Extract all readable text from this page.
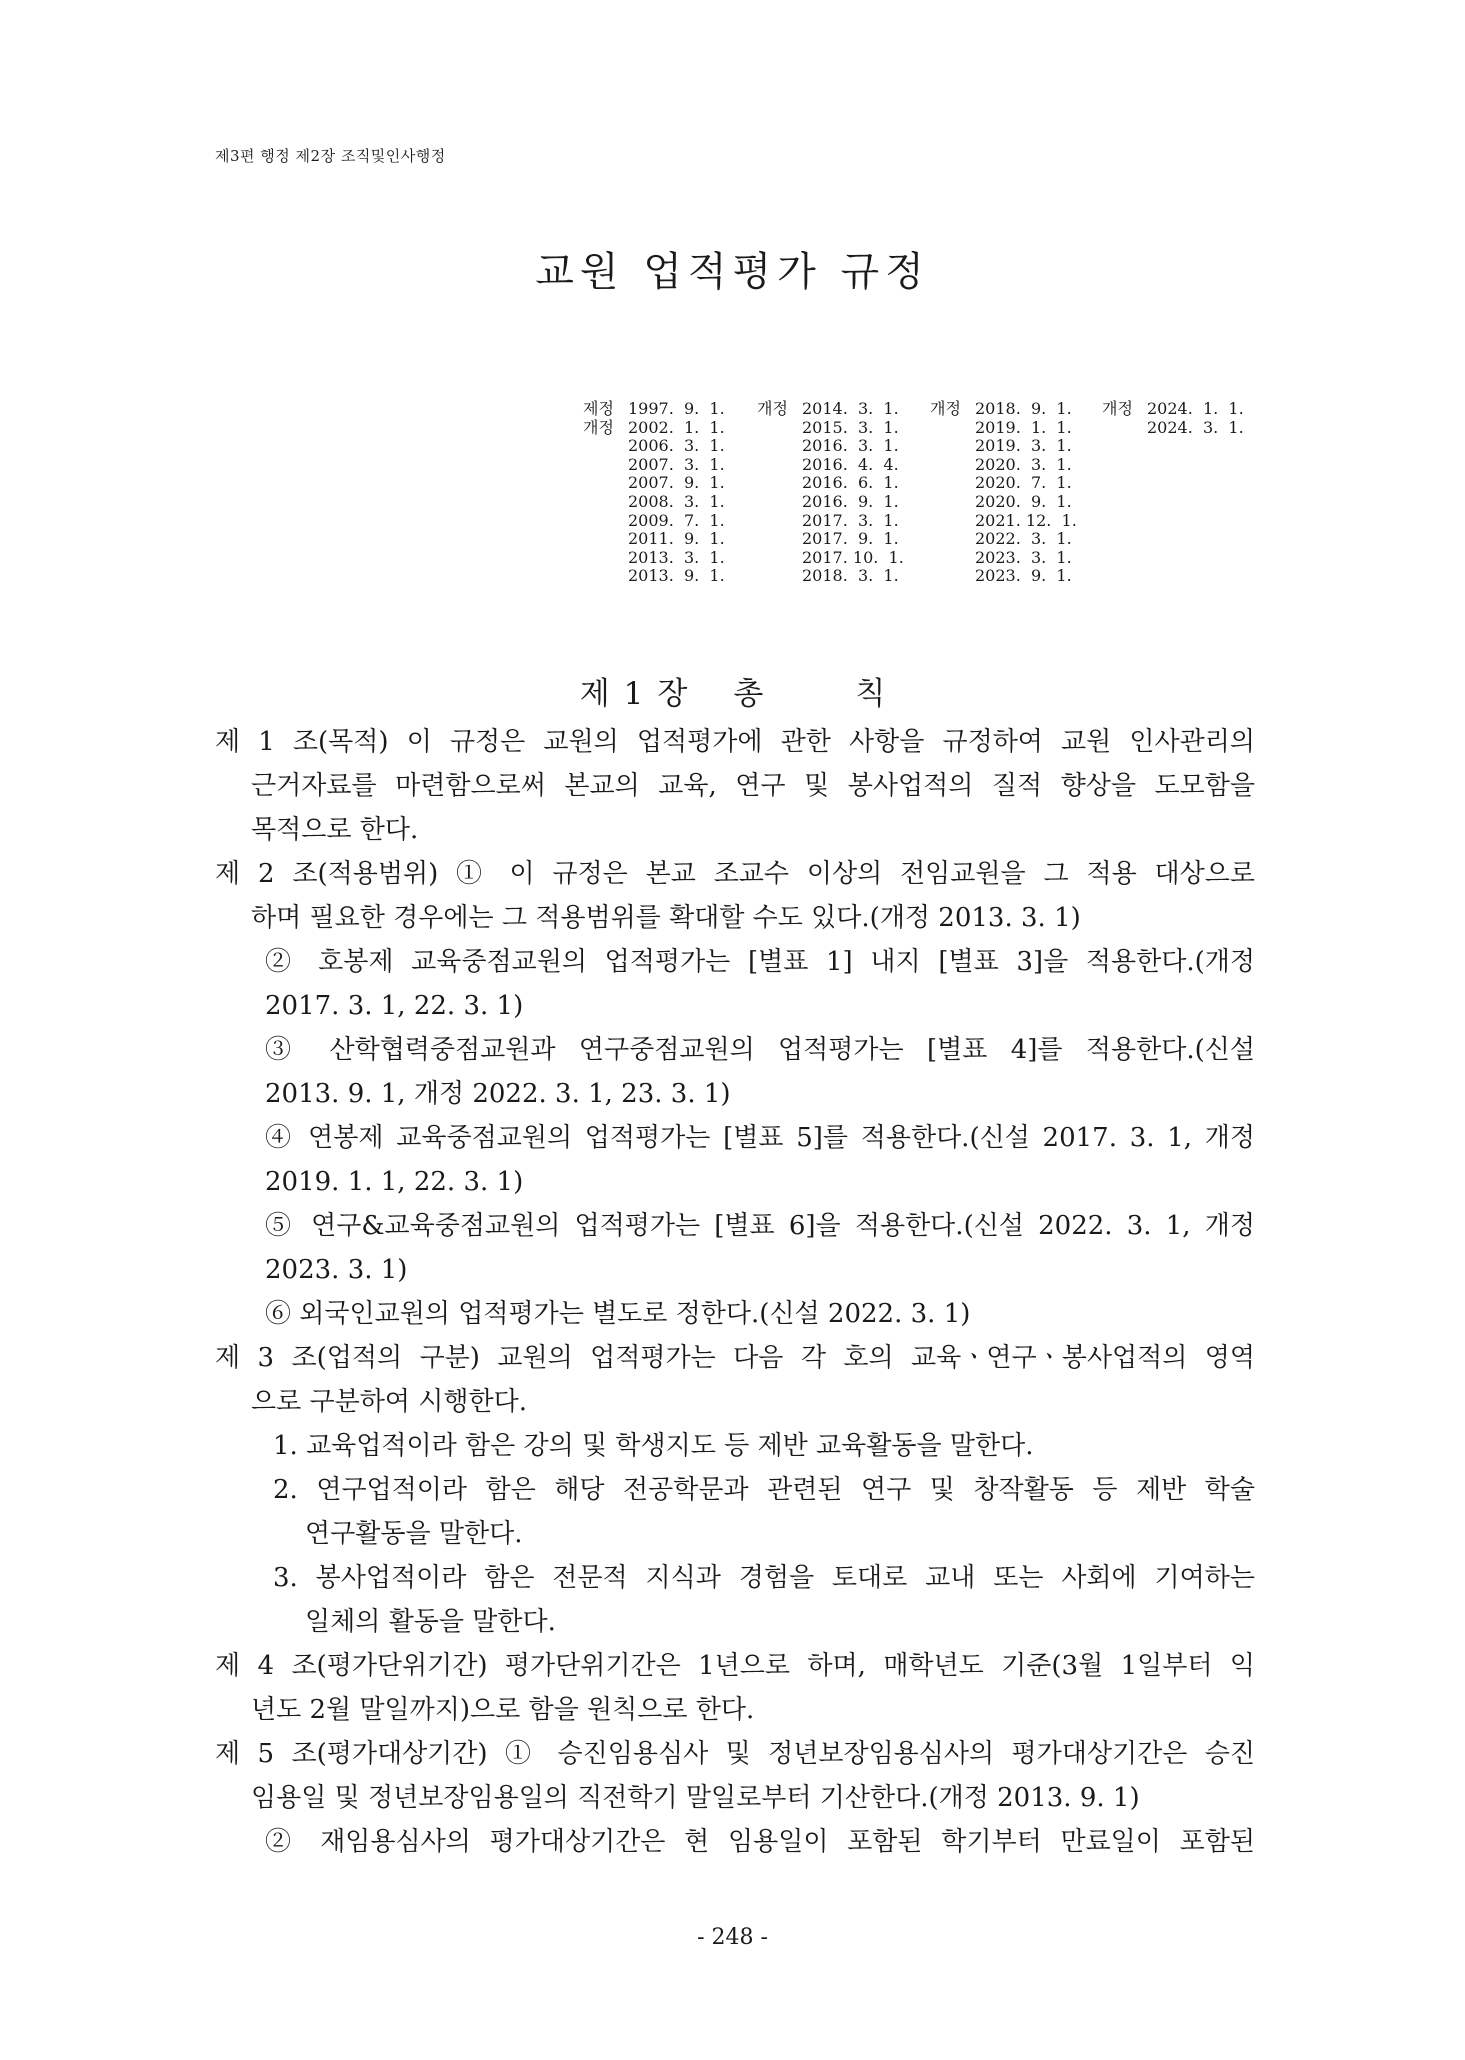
제3편 행정 제2장 조직및인사행정
교원 업적평가 규정
제정
개정
1997.  9.  1.
2002.  1.  1.
2006.  3.  1.
2007.  3.  1.
2007.  9.  1.
2008.  3.  1.
2009.  7.  1.
2011.  9.  1.
2013.  3.  1.
2013.  9.  1.
개정 2014.  3.  1.
2015.  3.  1.
2016.  3.  1.
2016.  4.  4.
2016.  6.  1.
2016.  9.  1.
2017.  3.  1.
2017.  9.  1.
2017. 10.  1.
2018.  3.  1.
개정 2018.  9.  1.
2019.  1.  1.
2019.  3.  1.
2020.  3.  1.
2020.  7.  1.
2020.  9.  1.
2021. 12.  1.
2022.  3.  1.
2023.  3.  1.
2023.  9.  1.
개정 2024.  1.  1.
2024.  3.  1.
제 1 장 총	칙
제 1 조(목적) 이 규정은 교원의 업적평가에 관한 사항을 규정하여 교원 인사관리의
근거자료를 마련함으로써 본교의 교육, 연구 및 봉사업적의 질적 향상을 도모함을
목적으로 한다.
제 2 조(적용범위) ① 이 규정은 본교 조교수 이상의 전임교원을 그 적용 대상으로
하며 필요한 경우에는 그 적용범위를 확대할 수도 있다.(개정 2013. 3. 1)
② 호봉제 교육중점교원의 업적평가는 [별표 1] 내지 [별표 3]을 적용한다.(개정
2017. 3. 1, 22. 3. 1)
③ 산학협력중점교원과 연구중점교원의 업적평가는 [별표 4]를 적용한다.(신설
2013. 9. 1, 개정 2022. 3. 1, 23. 3. 1)
④ 연봉제 교육중점교원의 업적평가는 [별표 5]를 적용한다.(신설 2017. 3. 1, 개정
2019. 1. 1, 22. 3. 1)
⑤ 연구&교육중점교원의 업적평가는 [별표 6]을 적용한다.(신설 2022. 3. 1, 개정
2023. 3. 1)
⑥ 외국인교원의 업적평가는 별도로 정한다.(신설 2022. 3. 1)
제 3 조(업적의 구분) 교원의 업적평가는 다음 각 호의 교육ㆍ연구ㆍ봉사업적의 영역
으로 구분하여 시행한다.
1. 교육업적이라 함은 강의 및 학생지도 등 제반 교육활동을 말한다.
2. 연구업적이라 함은 해당 전공학문과 관련된 연구 및 창작활동 등 제반 학술
연구활동을 말한다.
3. 봉사업적이라 함은 전문적 지식과 경험을 토대로 교내 또는 사회에 기여하는
일체의 활동을 말한다.
제 4 조(평가단위기간) 평가단위기간은 1년으로 하며, 매학년도 기준(3월 1일부터 익
년도 2월 말일까지)으로 함을 원칙으로 한다.
제 5 조(평가대상기간) ① 승진임용심사 및 정년보장임용심사의 평가대상기간은 승진
임용일 및 정년보장임용일의 직전학기 말일로부터 기산한다.(개정 2013. 9. 1)
② 재임용심사의 평가대상기간은 현 임용일이 포함된 학기부터 만료일이 포함된
- 248 -
